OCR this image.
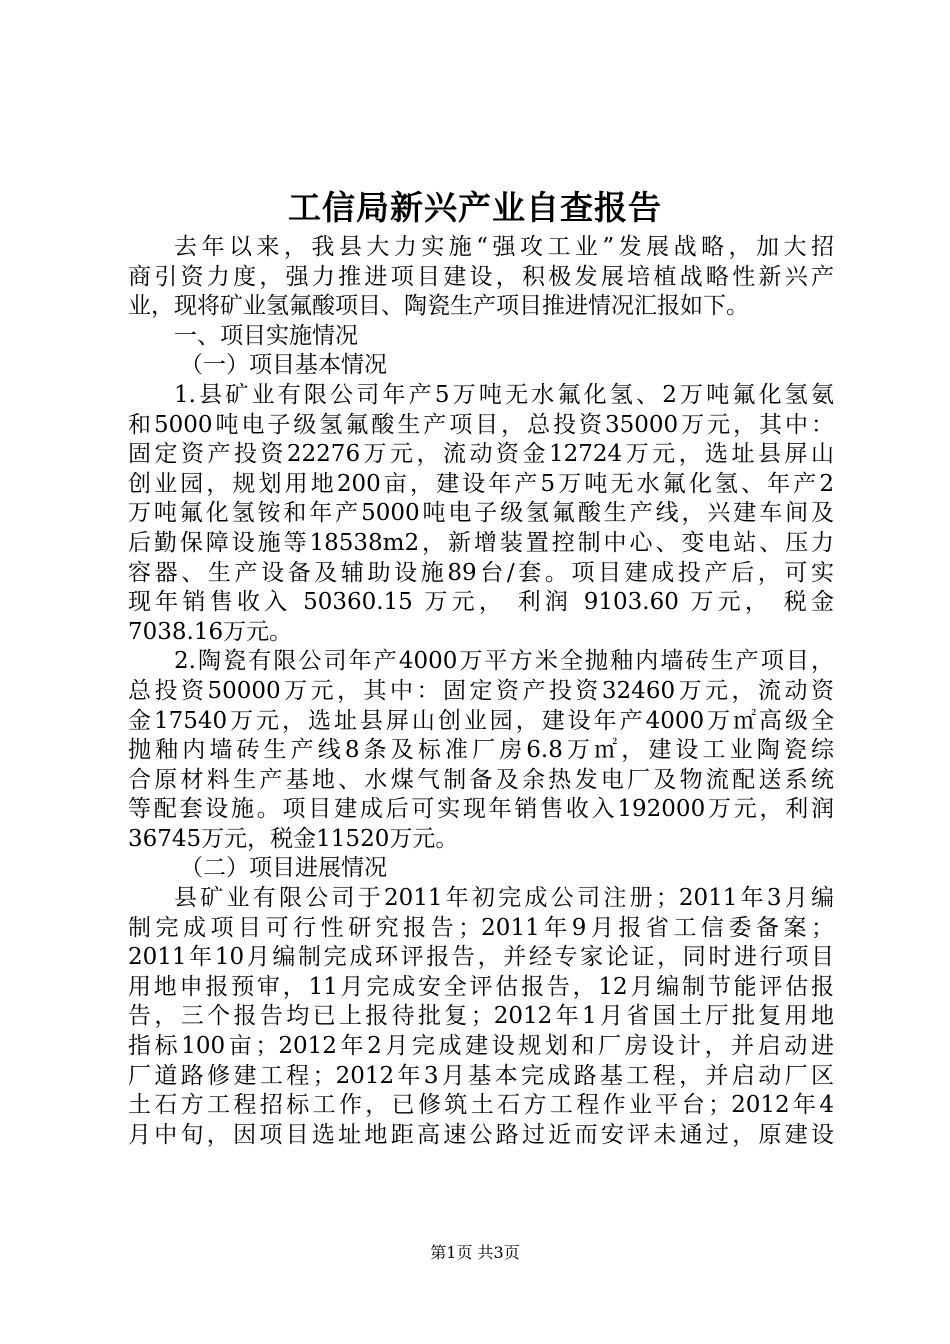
工信局新兴产业自查报告
去年以来，我县大力实施“强攻工业”发展战略，加大招
商引资力度，强力推进项目建设，积极发展培植战略性新兴产
业，现将矿业氢氟酸项目、陶瓷生产项目推进情况汇报如下。
一、项目实施情况
（一）项目基本情况
1.县矿业有限公司年产5万吨无水氟化氢、2万吨氟化氢氨
和5000吨电子级氢氟酸生产项目，总投资35000万元，其中：
固定资产投资22276万元，流动资金12724万元，选址县屏山
创业园，规划用地200亩，建设年产5万吨无水氟化氢、年产2
万吨氟化氢铵和年产5000吨电子级氢氟酸生产线，兴建车间及
后勤保障设施等18538m2，新增装置控制中心、变电站、压力
容器、生产设备及辅助设施89台/套。项目建成投产后，可实
现年销售收入 50360.15 万元， 利润 9103.60 万元， 税金
7038.16万元。
2.陶瓷有限公司年产4000万平方米全抛釉内墙砖生产项目，
总投资50000万元，其中：固定资产投资32460万元，流动资
金17540万元，选址县屏山创业园，建设年产4000万㎡高级全
抛釉内墙砖生产线8条及标准厂房6.8万㎡，建设工业陶瓷综
合原材料生产基地、水煤气制备及余热发电厂及物流配送系统
等配套设施。项目建成后可实现年销售收入192000万元，利润
36745万元，税金11520万元。
（二）项目进展情况
县矿业有限公司于2011年初完成公司注册；2011年3月编
制完成项目可行性研究报告；2011年9月报省工信委备案；
2011年10月编制完成环评报告，并经专家论证，同时进行项目
用地申报预审，11月完成安全评估报告，12月编制节能评估报
告，三个报告均已上报待批复；2012年1月省国土厅批复用地
指标100亩；2012年2月完成建设规划和厂房设计，并启动进
厂道路修建工程；2012年3月基本完成路基工程，并启动厂区
土石方工程招标工作，已修筑土石方工程作业平台；2012年4
月中旬，因项目选址地距高速公路过近而安评未通过，原建设
第1页 共3页
